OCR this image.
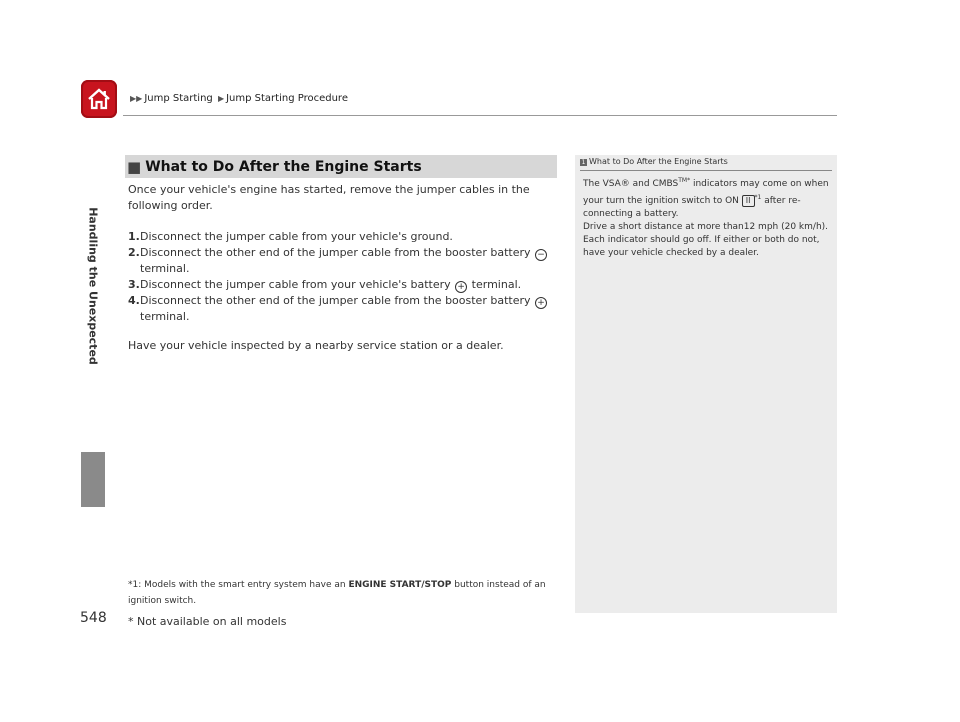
▶▶ Jump Starting ▶ Jump Starting Procedure
Handling the Unexpected
548
■ What to Do After the Engine Starts
Once your vehicle's engine has started, remove the jumper cables in the following order.
1. Disconnect the jumper cable from your vehicle's ground.
2. Disconnect the other end of the jumper cable from the booster battery −
terminal.
3. Disconnect the jumper cable from your vehicle's battery + terminal.
4. Disconnect the other end of the jumper cable from the booster battery +
terminal.
Have your vehicle inspected by a nearby service station or a dealer.
*1: Models with the smart entry system have an ENGINE START/STOP button instead of an ignition switch.
* Not available on all models
1 What to Do After the Engine Starts

The VSA® and $CMBS^{TM*}$ indicators may come on when your turn the ignition switch to ON II $^{*1}$ after re-connecting a battery.

Drive a short distance at more than12 mph (20 km/h). Each indicator should go off. If either or both do not, have your vehicle checked by a dealer.
